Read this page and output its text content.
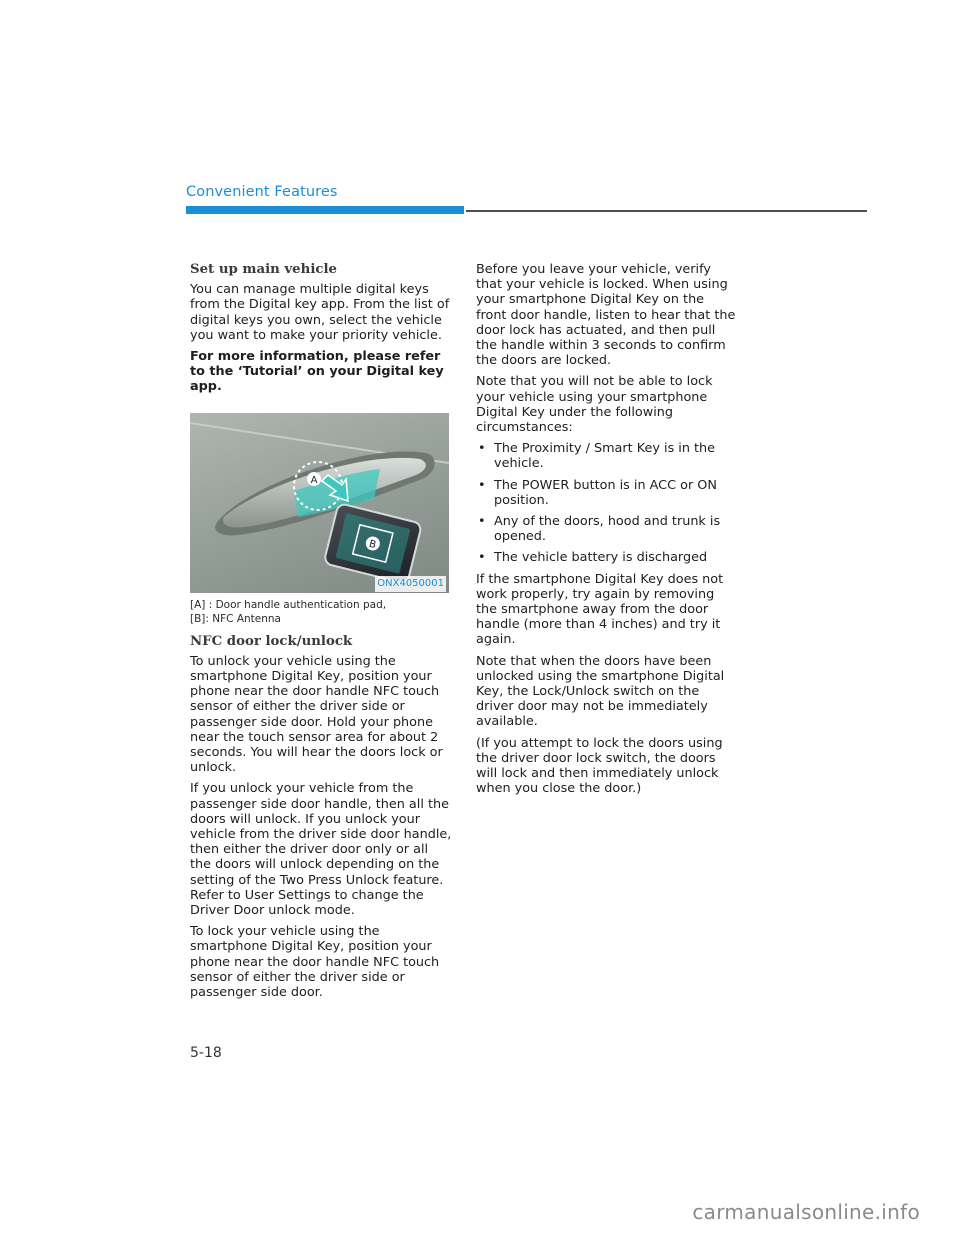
Convenient Features
Set up main vehicle

You can manage multiple digital keys from the Digital key app. From the list of digital keys you own, select the vehicle you want to make your priority vehicle.

For more information, please refer to the ‘Tutorial’ on your Digital key app.

A
B
ONX4050001
[A] : Door handle authentication pad,
[B]: NFC Antenna
NFC door lock/unlock

To unlock your vehicle using the smartphone Digital Key, position your phone near the door handle NFC touch sensor of either the driver side or passenger side door. Hold your phone near the touch sensor area for about 2 seconds. You will hear the doors lock or unlock.

If you unlock your vehicle from the passenger side door handle, then all the doors will unlock. If you unlock your vehicle from the driver side door handle, then either the driver door only or all the doors will unlock depending on the setting of the Two Press Unlock feature. Refer to User Settings to change the Driver Door unlock mode.

To lock your vehicle using the smartphone Digital Key, position your phone near the door handle NFC touch sensor of either the driver side or passenger side door.

Before you leave your vehicle, verify that your vehicle is locked. When using your smartphone Digital Key on the front door handle, listen to hear that the door lock has actuated, and then pull the handle within 3 seconds to confirm the doors are locked.

Note that you will not be able to lock your vehicle using your smartphone Digital Key under the following circumstances:

• The Proximity / Smart Key is in the vehicle.
• The POWER button is in ACC or ON position.
• Any of the doors, hood and trunk is opened.
• The vehicle battery is discharged

If the smartphone Digital Key does not work properly, try again by removing the smartphone away from the door handle (more than 4 inches) and try it again.

Note that when the doors have been unlocked using the smartphone Digital Key, the Lock/Unlock switch on the driver door may not be immediately available.

(If you attempt to lock the doors using the driver door lock switch, the doors will lock and then immediately unlock when you close the door.)

5-18
carmanualsonline.info
